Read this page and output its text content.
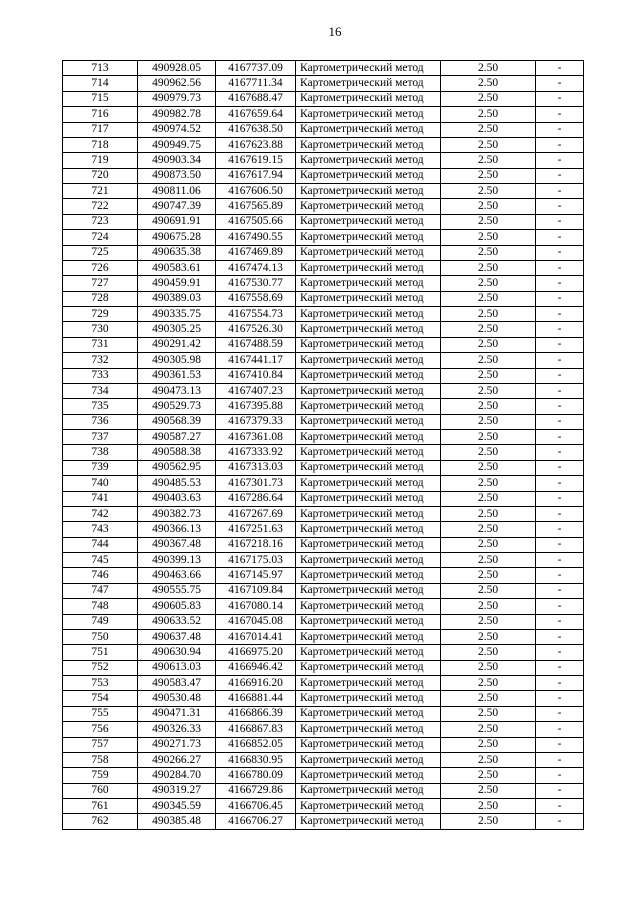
16
713	490928.05	4167737.09	Картометрический метод	2.50	-
714	490962.56	4167711.34	Картометрический метод	2.50	-
715	490979.73	4167688.47	Картометрический метод	2.50	-
716	490982.78	4167659.64	Картометрический метод	2.50	-
717	490974.52	4167638.50	Картометрический метод	2.50	-
718	490949.75	4167623.88	Картометрический метод	2.50	-
719	490903.34	4167619.15	Картометрический метод	2.50	-
720	490873.50	4167617.94	Картометрический метод	2.50	-
721	490811.06	4167606.50	Картометрический метод	2.50	-
722	490747.39	4167565.89	Картометрический метод	2.50	-
723	490691.91	4167505.66	Картометрический метод	2.50	-
724	490675.28	4167490.55	Картометрический метод	2.50	-
725	490635.38	4167469.89	Картометрический метод	2.50	-
726	490583.61	4167474.13	Картометрический метод	2.50	-
727	490459.91	4167530.77	Картометрический метод	2.50	-
728	490389.03	4167558.69	Картометрический метод	2.50	-
729	490335.75	4167554.73	Картометрический метод	2.50	-
730	490305.25	4167526.30	Картометрический метод	2.50	-
731	490291.42	4167488.59	Картометрический метод	2.50	-
732	490305.98	4167441.17	Картометрический метод	2.50	-
733	490361.53	4167410.84	Картометрический метод	2.50	-
734	490473.13	4167407.23	Картометрический метод	2.50	-
735	490529.73	4167395.88	Картометрический метод	2.50	-
736	490568.39	4167379.33	Картометрический метод	2.50	-
737	490587.27	4167361.08	Картометрический метод	2.50	-
738	490588.38	4167333.92	Картометрический метод	2.50	-
739	490562.95	4167313.03	Картометрический метод	2.50	-
740	490485.53	4167301.73	Картометрический метод	2.50	-
741	490403.63	4167286.64	Картометрический метод	2.50	-
742	490382.73	4167267.69	Картометрический метод	2.50	-
743	490366.13	4167251.63	Картометрический метод	2.50	-
744	490367.48	4167218.16	Картометрический метод	2.50	-
745	490399.13	4167175.03	Картометрический метод	2.50	-
746	490463.66	4167145.97	Картометрический метод	2.50	-
747	490555.75	4167109.84	Картометрический метод	2.50	-
748	490605.83	4167080.14	Картометрический метод	2.50	-
749	490633.52	4167045.08	Картометрический метод	2.50	-
750	490637.48	4167014.41	Картометрический метод	2.50	-
751	490630.94	4166975.20	Картометрический метод	2.50	-
752	490613.03	4166946.42	Картометрический метод	2.50	-
753	490583.47	4166916.20	Картометрический метод	2.50	-
754	490530.48	4166881.44	Картометрический метод	2.50	-
755	490471.31	4166866.39	Картометрический метод	2.50	-
756	490326.33	4166867.83	Картометрический метод	2.50	-
757	490271.73	4166852.05	Картометрический метод	2.50	-
758	490266.27	4166830.95	Картометрический метод	2.50	-
759	490284.70	4166780.09	Картометрический метод	2.50	-
760	490319.27	4166729.86	Картометрический метод	2.50	-
761	490345.59	4166706.45	Картометрический метод	2.50	-
762	490385.48	4166706.27	Картометрический метод	2.50	-
